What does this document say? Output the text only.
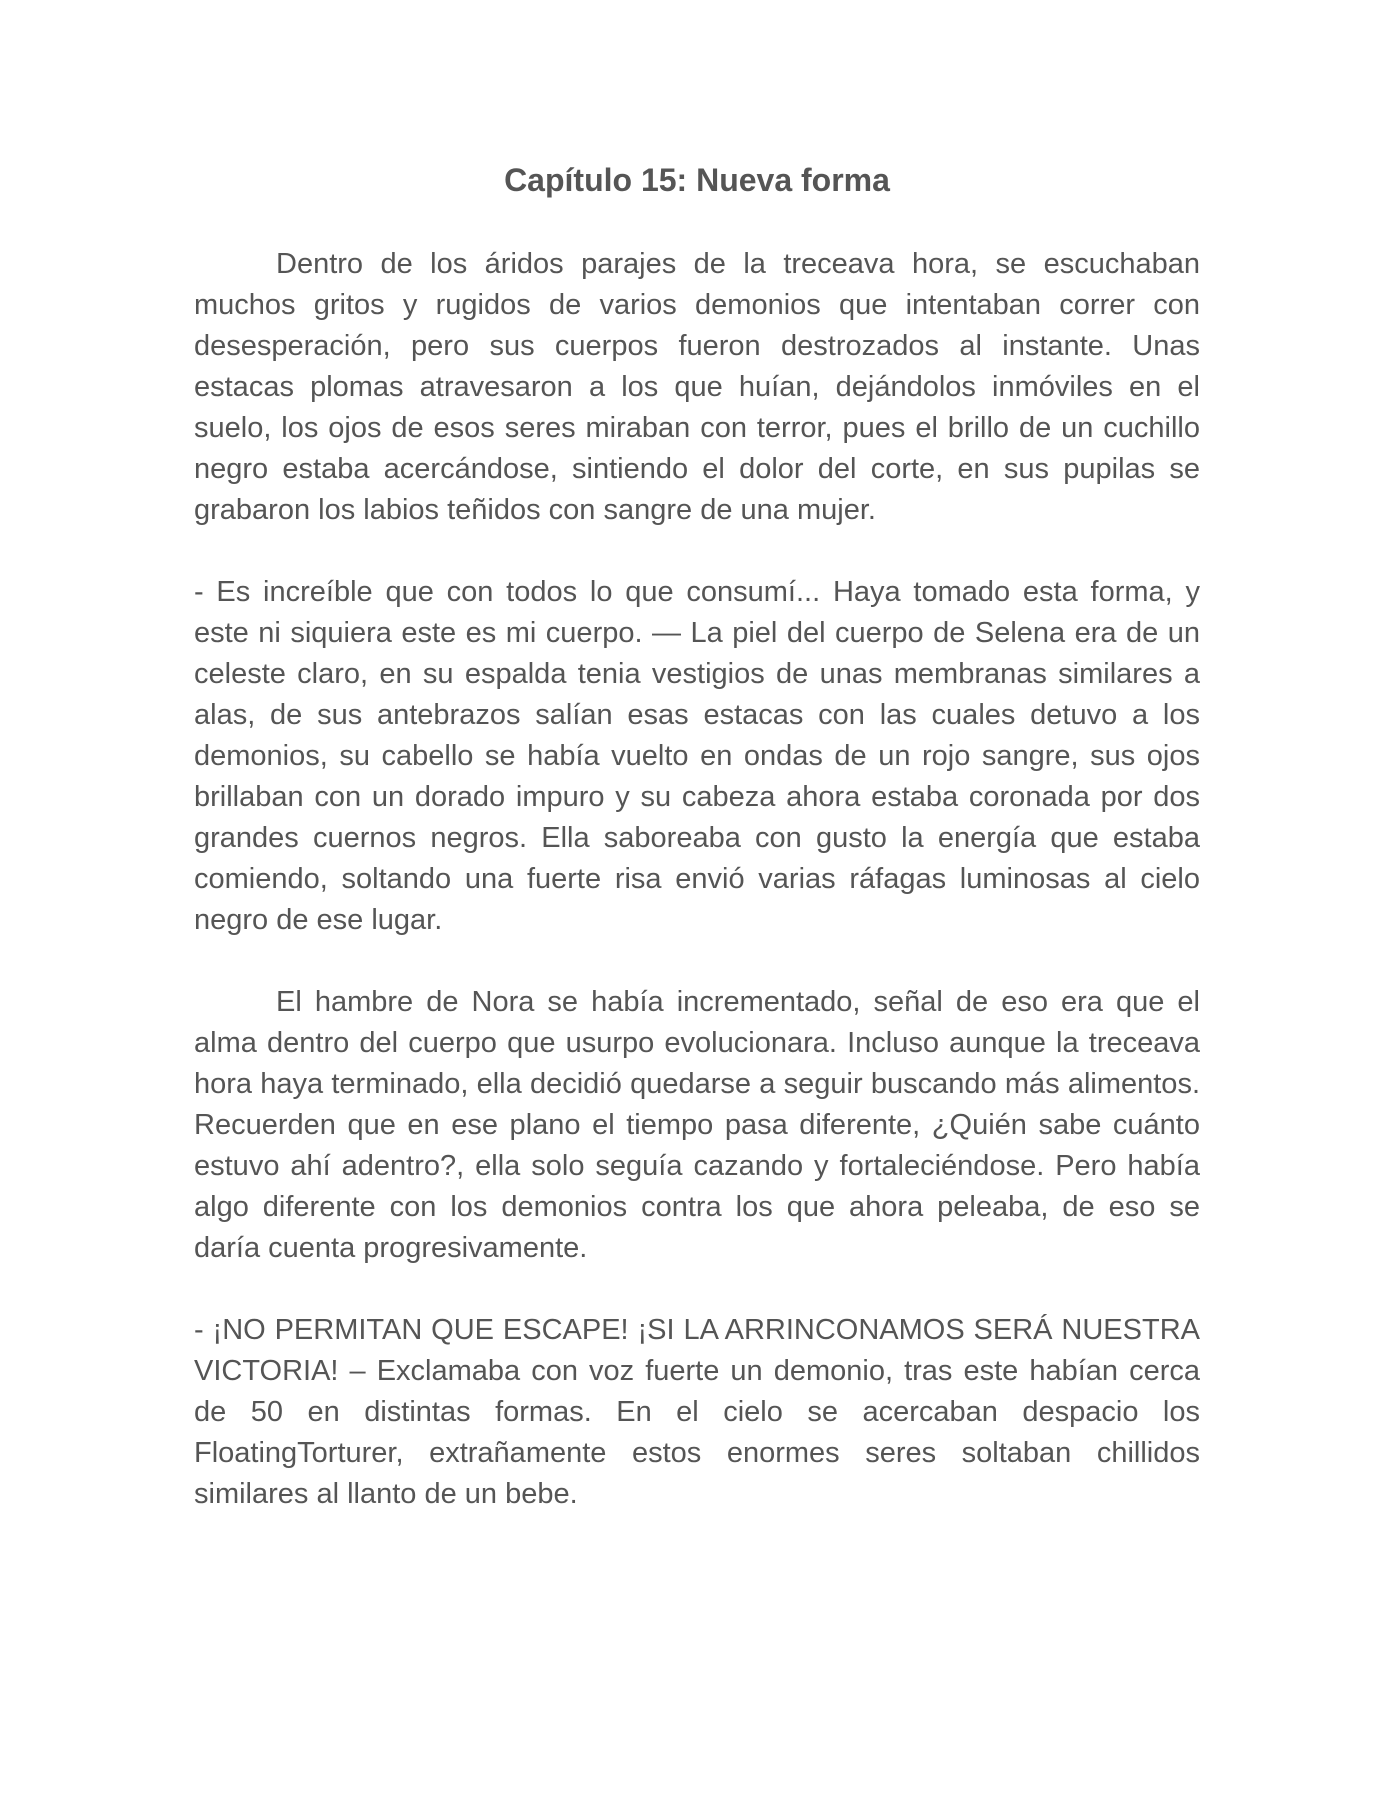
Capítulo 15: Nueva forma

Dentro de los áridos parajes de la treceava hora, se escuchaban muchos gritos y rugidos de varios demonios que intentaban correr con desesperación, pero sus cuerpos fueron destrozados al instante. Unas estacas plomas atravesaron a los que huían, dejándolos inmóviles en el suelo, los ojos de esos seres miraban con terror, pues el brillo de un cuchillo negro estaba acercándose, sintiendo el dolor del corte, en sus pupilas se grabaron los labios teñidos con sangre de una mujer.

- Es increíble que con todos lo que consumí... Haya tomado esta forma, y este ni siquiera este es mi cuerpo. — La piel del cuerpo de Selena era de un celeste claro, en su espalda tenia vestigios de unas membranas similares a alas, de sus antebrazos salían esas estacas con las cuales detuvo a los demonios, su cabello se había vuelto en ondas de un rojo sangre, sus ojos brillaban con un dorado impuro y su cabeza ahora estaba coronada por dos grandes cuernos negros. Ella saboreaba con gusto la energía que estaba comiendo, soltando una fuerte risa envió varias ráfagas luminosas al cielo negro de ese lugar.

El hambre de Nora se había incrementado, señal de eso era que el alma dentro del cuerpo que usurpo evolucionara. Incluso aunque la treceava hora haya terminado, ella decidió quedarse a seguir buscando más alimentos. Recuerden que en ese plano el tiempo pasa diferente, ¿Quién sabe cuánto estuvo ahí adentro?, ella solo seguía cazando y fortaleciéndose. Pero había algo diferente con los demonios contra los que ahora peleaba, de eso se daría cuenta progresivamente.

- ¡NO PERMITAN QUE ESCAPE! ¡SI LA ARRINCONAMOS SERÁ NUESTRA VICTORIA! – Exclamaba con voz fuerte un demonio, tras este habían cerca de 50 en distintas formas. En el cielo se acercaban despacio los FloatingTorturer, extrañamente estos enormes seres soltaban chillidos similares al llanto de un bebe.
